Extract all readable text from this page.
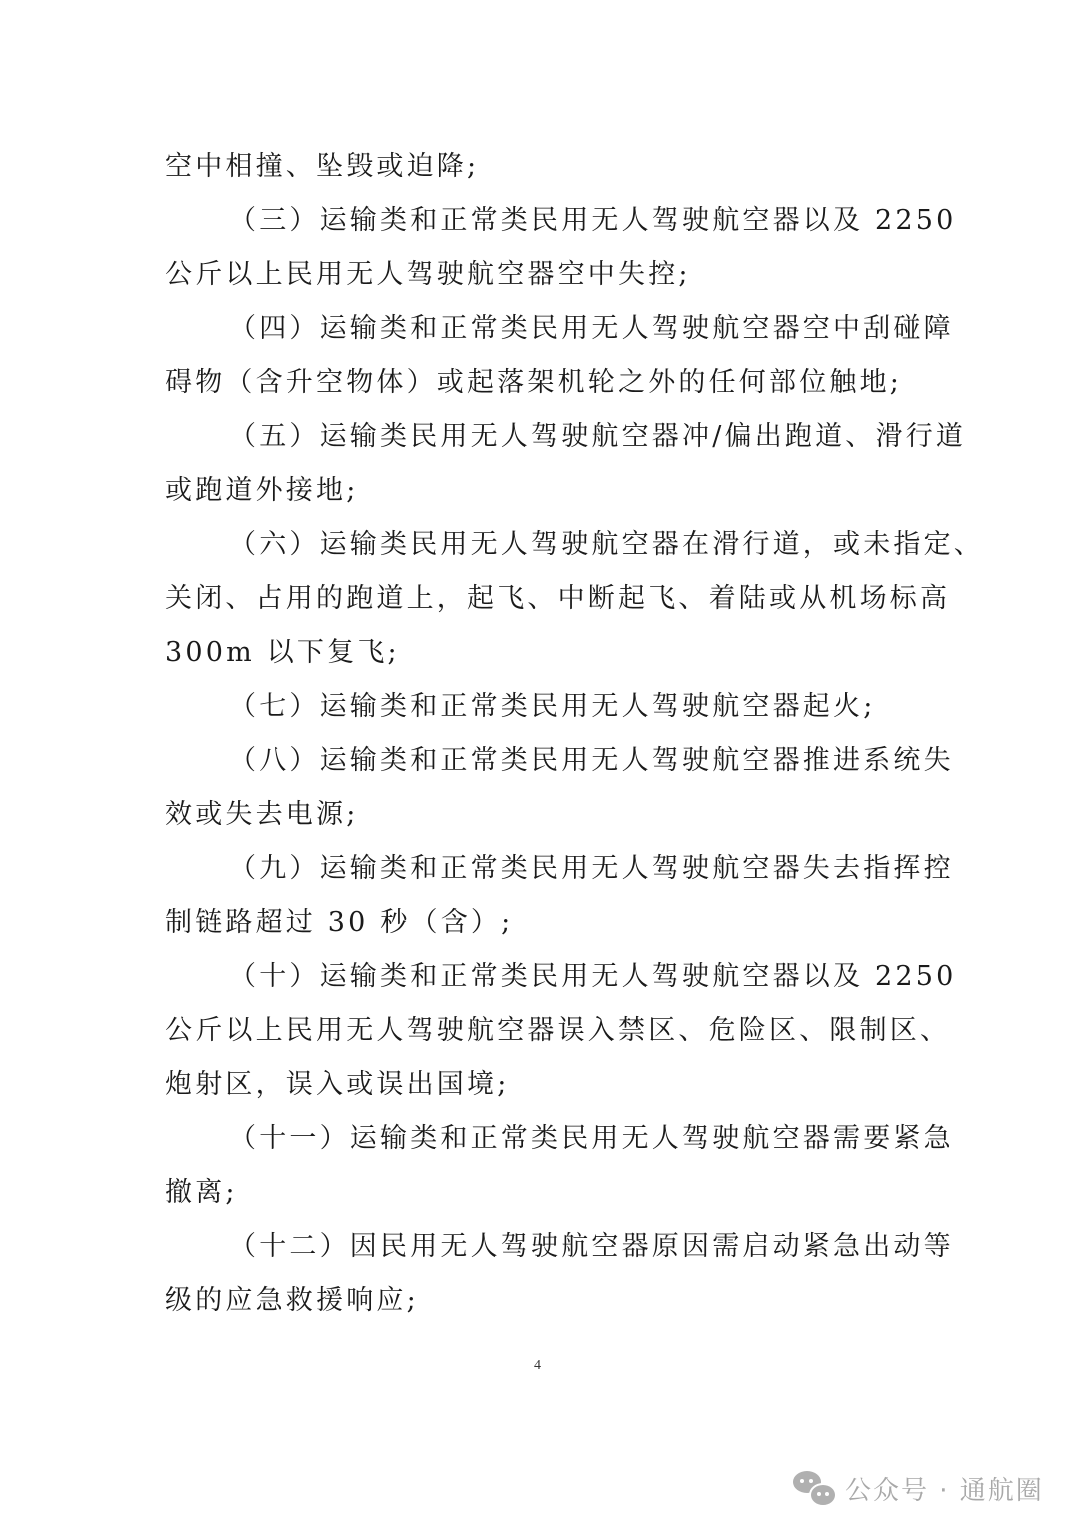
空中相撞、坠毁或迫降;
（三）运输类和正常类民用无人驾驶航空器以及 2250
公斤以上民用无人驾驶航空器空中失控;
（四）运输类和正常类民用无人驾驶航空器空中刮碰障
碍物（含升空物体）或起落架机轮之外的任何部位触地;
（五）运输类民用无人驾驶航空器冲/偏出跑道、滑行道
或跑道外接地;
（六）运输类民用无人驾驶航空器在滑行道，或未指定、
关闭、占用的跑道上，起飞、中断起飞、着陆或从机场标高
300m 以下复飞;
（七）运输类和正常类民用无人驾驶航空器起火;
（八）运输类和正常类民用无人驾驶航空器推进系统失
效或失去电源;
（九）运输类和正常类民用无人驾驶航空器失去指挥控
制链路超过 30 秒（含）;
（十）运输类和正常类民用无人驾驶航空器以及 2250
公斤以上民用无人驾驶航空器误入禁区、危险区、限制区、
炮射区，误入或误出国境;
（十一）运输类和正常类民用无人驾驶航空器需要紧急
撤离;
（十二）因民用无人驾驶航空器原因需启动紧急出动等
级的应急救援响应;
4
公众号 · 通航圈
